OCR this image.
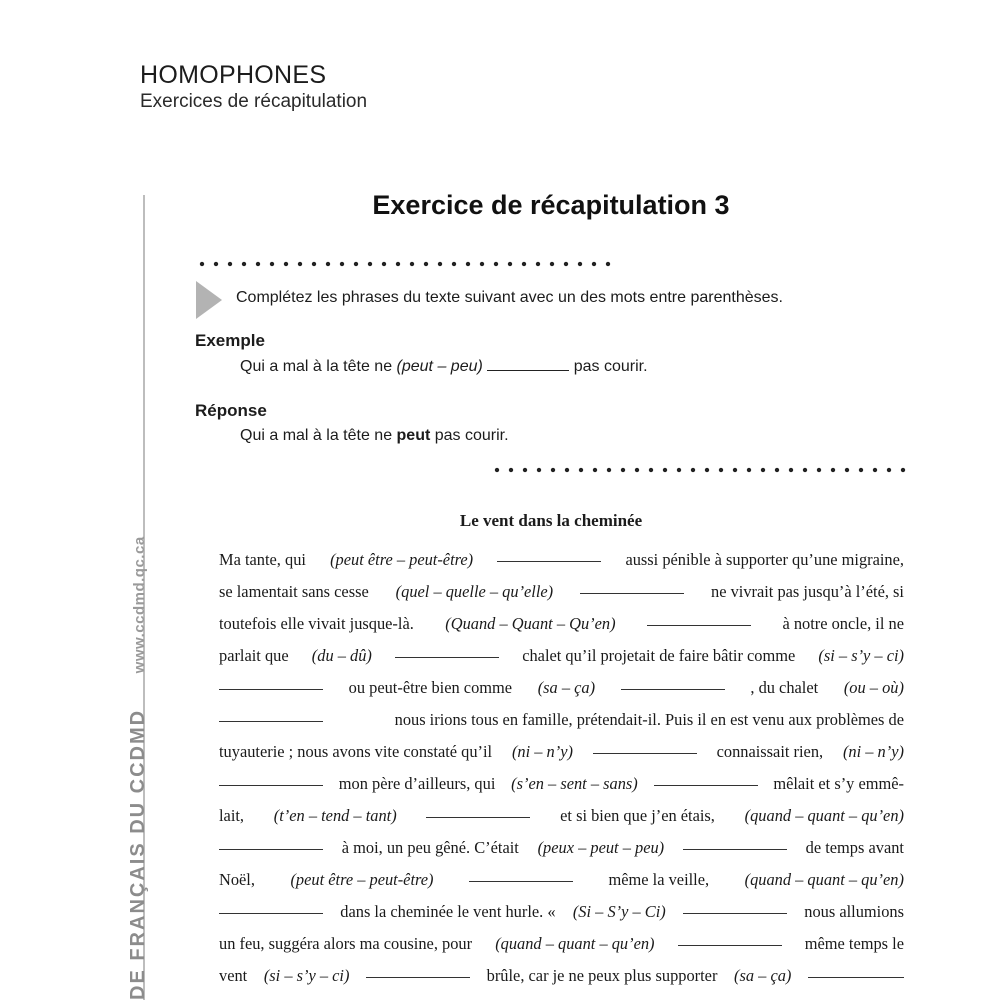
HOMOPHONES
Exercices de récapitulation
DE FRANÇAIS DU CCDMD www.ccdmd.qc.ca
Exercice de récapitulation 3
Complétez les phrases du texte suivant avec un des mots entre parenthèses.
Exemple
Qui a mal à la tête ne (peut – peu)	pas courir.
Réponse
Qui a mal à la tête ne peut pas courir.
Le vent dans la cheminée
Ma tante, qui (peut être – peut-être)	aussi pénible à supporter qu’une migraine,
se lamentait sans cesse (quel – quelle – qu’elle)	ne vivrait pas jusqu’à l’été, si
toutefois elle vivait jusque-là. (Quand – Quant – Qu’en)	à notre oncle, il ne
parlait que (du – dû)	chalet qu’il projetait de faire bâtir comme (si – s’y – ci)
ou peut-être bien comme (sa – ça)	, du chalet (ou – où)
nous irions tous en famille, prétendait-il. Puis il en est venu aux problèmes de
tuyauterie ; nous avons vite constaté qu’il (ni – n’y)	connaissait rien, (ni – n’y)
mon père d’ailleurs, qui (s’en – sent – sans)	mêlait et s’y emmê-
lait, (t’en – tend – tant)	et si bien que j’en étais, (quand – quant – qu’en)
à moi, un peu gêné. C’était (peux – peut – peu)	de temps avant
Noël, (peut être – peut-être)	même la veille, (quand – quant – qu’en)
dans la cheminée le vent hurle. « (Si – S’y – Ci)	nous allumions
un feu, suggéra alors ma cousine, pour (quand – quant – qu’en)	même temps le
vent (si – s’y – ci)	brûle, car je ne peux plus supporter (sa – ça)
